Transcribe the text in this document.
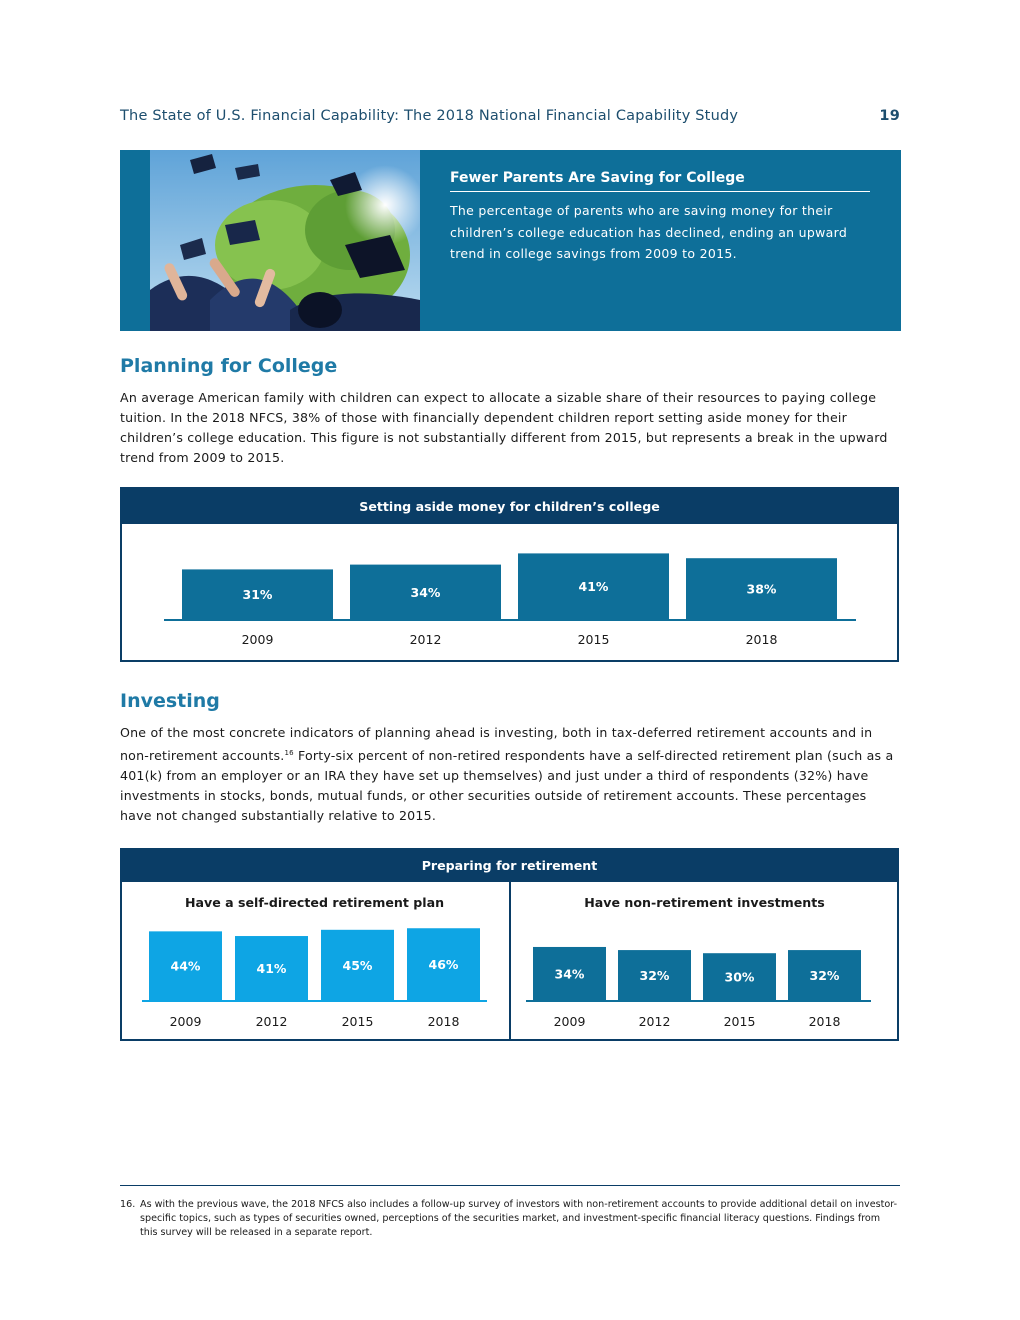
The State of U.S. Financial Capability: The 2018 National Financial Capability Study	19
Fewer Parents Are Saving for College
The percentage of parents who are saving money for their children’s college education has declined, ending an upward trend in college savings from 2009 to 2015.
Planning for College
An average American family with children can expect to allocate a sizable share of their resources to paying college tuition. In the 2018 NFCS, 38% of those with financially dependent children report setting aside money for their children’s college education. This figure is not substantially different from 2015, but represents a break in the upward trend from 2009 to 2015.
Setting aside money for children’s college
31%
2009
34%
2012
41%
2015
38%
2018
Investing
One of the most concrete indicators of planning ahead is investing, both in tax-deferred retirement accounts and in non-retirement accounts.$^{16}$ Forty-six percent of non-retired respondents have a self-directed retirement plan (such as a 401(k) from an employer or an IRA they have set up themselves) and just under a third of respondents (32%) have investments in stocks, bonds, mutual funds, or other securities outside of retirement accounts. These percentages have not changed substantially relative to 2015.
Preparing for retirement
Have a self-directed retirement plan	Have non-retirement investments
44%
2009
41%
2012
45%
2015
46%
2018
34%
2009
32%
2012
30%
2015
32%
2018
16. As with the previous wave, the 2018 NFCS also includes a follow-up survey of investors with non-retirement accounts to provide additional detail on investor-specific topics, such as types of securities owned, perceptions of the securities market, and investment-specific financial literacy questions. Findings from this survey will be released in a separate report.
